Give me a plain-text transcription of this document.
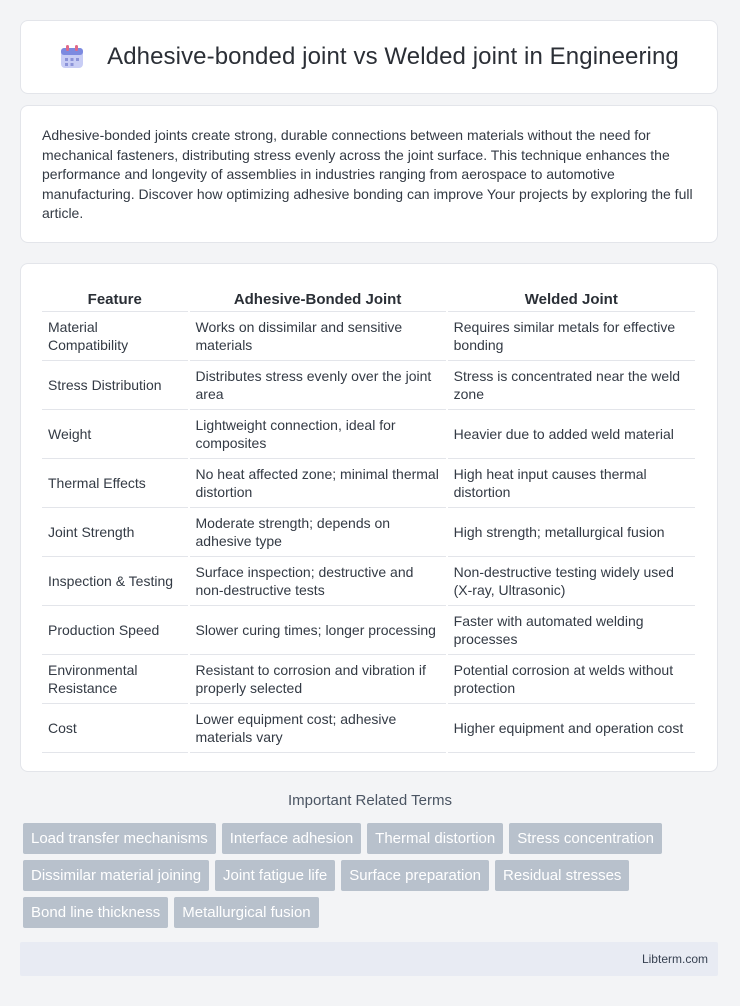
Adhesive-bonded joint vs Welded joint in Engineering

Adhesive-bonded joints create strong, durable connections between materials without the need for mechanical fasteners, distributing stress evenly across the joint surface. This technique enhances the performance and longevity of assemblies in industries ranging from aerospace to automotive manufacturing. Discover how optimizing adhesive bonding can improve Your projects by exploring the full article.

Feature	Adhesive-Bonded Joint	Welded Joint
Material Compatibility	Works on dissimilar and sensitive materials	Requires similar metals for effective bonding
Stress Distribution	Distributes stress evenly over the joint area	Stress is concentrated near the weld zone
Weight	Lightweight connection, ideal for composites	Heavier due to added weld material
Thermal Effects	No heat affected zone; minimal thermal distortion	High heat input causes thermal distortion
Joint Strength	Moderate strength; depends on adhesive type	High strength; metallurgical fusion
Inspection & Testing	Surface inspection; destructive and non-destructive tests	Non-destructive testing widely used (X-ray, Ultrasonic)
Production Speed	Slower curing times; longer processing	Faster with automated welding processes
Environmental Resistance	Resistant to corrosion and vibration if properly selected	Potential corrosion at welds without protection
Cost	Lower equipment cost; adhesive materials vary	Higher equipment and operation cost
Important Related Terms
Load transfer mechanisms	Interface adhesion	Thermal distortion	Stress concentration
Dissimilar material joining	Joint fatigue life	Surface preparation	Residual stresses
Bond line thickness	Metallurgical fusion
Libterm.com
